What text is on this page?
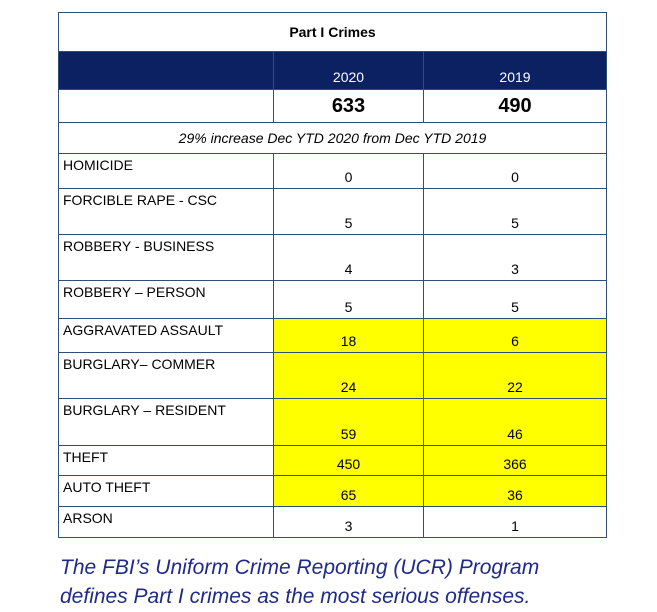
Part I Crimes		
	2020	2019
	633	490
29% increase Dec YTD 2020 from Dec YTD 2019		
HOMICIDE	0	0
FORCIBLE RAPE - CSC	5	5
ROBBERY - BUSINESS	4	3
ROBBERY – PERSON	5	5
AGGRAVATED ASSAULT	18	6
BURGLARY– COMMER	24	22
BURGLARY – RESIDENT	59	46
THEFT	450	366
AUTO THEFT	65	36
ARSON	3	1
The FBI’s Uniform Crime Reporting (UCR) Program
defines Part I crimes as the most serious offenses.
